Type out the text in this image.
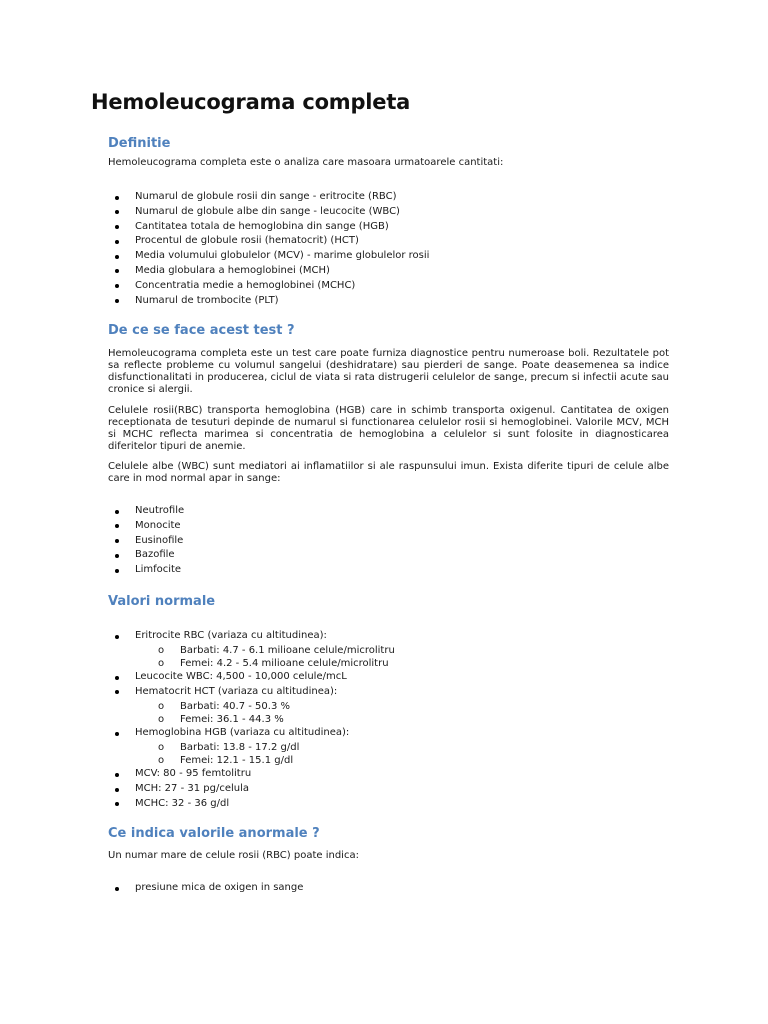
Hemoleucograma completa
Definitie

Hemoleucograma completa este o analiza care masoara urmatoarele cantitati:

Numarul de globule rosii din sange - eritrocite (RBC)
Numarul de globule albe din sange - leucocite (WBC)
Cantitatea totala de hemoglobina din sange (HGB)
Procentul de globule rosii (hematocrit) (HCT)
Media volumului globulelor (MCV) - marime globulelor rosii
Media globulara a hemoglobinei (MCH)
Concentratia medie a hemoglobinei (MCHC)
Numarul de trombocite (PLT)
De ce se face acest test ?

Hemoleucograma completa este un test care poate furniza diagnostice pentru numeroase boli. Rezultatele pot sa reflecte probleme cu volumul sangelui (deshidratare) sau pierderi de sange. Poate deasemenea sa indice disfunctionalitati in producerea, ciclul de viata si rata distrugerii celulelor de sange, precum si infectii acute sau cronice si alergii.

Celulele rosii(RBC) transporta hemoglobina (HGB) care in schimb transporta oxigenul. Cantitatea de oxigen receptionata de tesuturi depinde de numarul si functionarea celulelor rosii si hemoglobinei. Valorile MCV, MCH si MCHC reflecta marimea si concentratia de hemoglobina a celulelor si sunt folosite in diagnosticarea diferitelor tipuri de anemie.

Celulele albe (WBC) sunt mediatori ai inflamatiilor si ale raspunsului imun. Exista diferite tipuri de celule albe care in mod normal apar in sange:

Neutrofile
Monocite
Eusinofile
Bazofile
Limfocite
Valori normale
Eritrocite RBC (variaza cu altitudinea):
o Barbati: 4.7 - 6.1 milioane celule/microlitru
o Femei: 4.2 - 5.4 milioane celule/microlitru
Leucocite WBC: 4,500 - 10,000 celule/mcL
Hematocrit HCT (variaza cu altitudinea):
o Barbati: 40.7 - 50.3 %
o Femei: 36.1 - 44.3 %
Hemoglobina HGB (variaza cu altitudinea):
o Barbati: 13.8 - 17.2 g/dl
o Femei: 12.1 - 15.1 g/dl
MCV: 80 - 95 femtolitru
MCH: 27 - 31 pg/celula
MCHC: 32 - 36 g/dl
Ce indica valorile anormale ?

Un numar mare de celule rosii (RBC) poate indica:

presiune mica de oxigen in sange
